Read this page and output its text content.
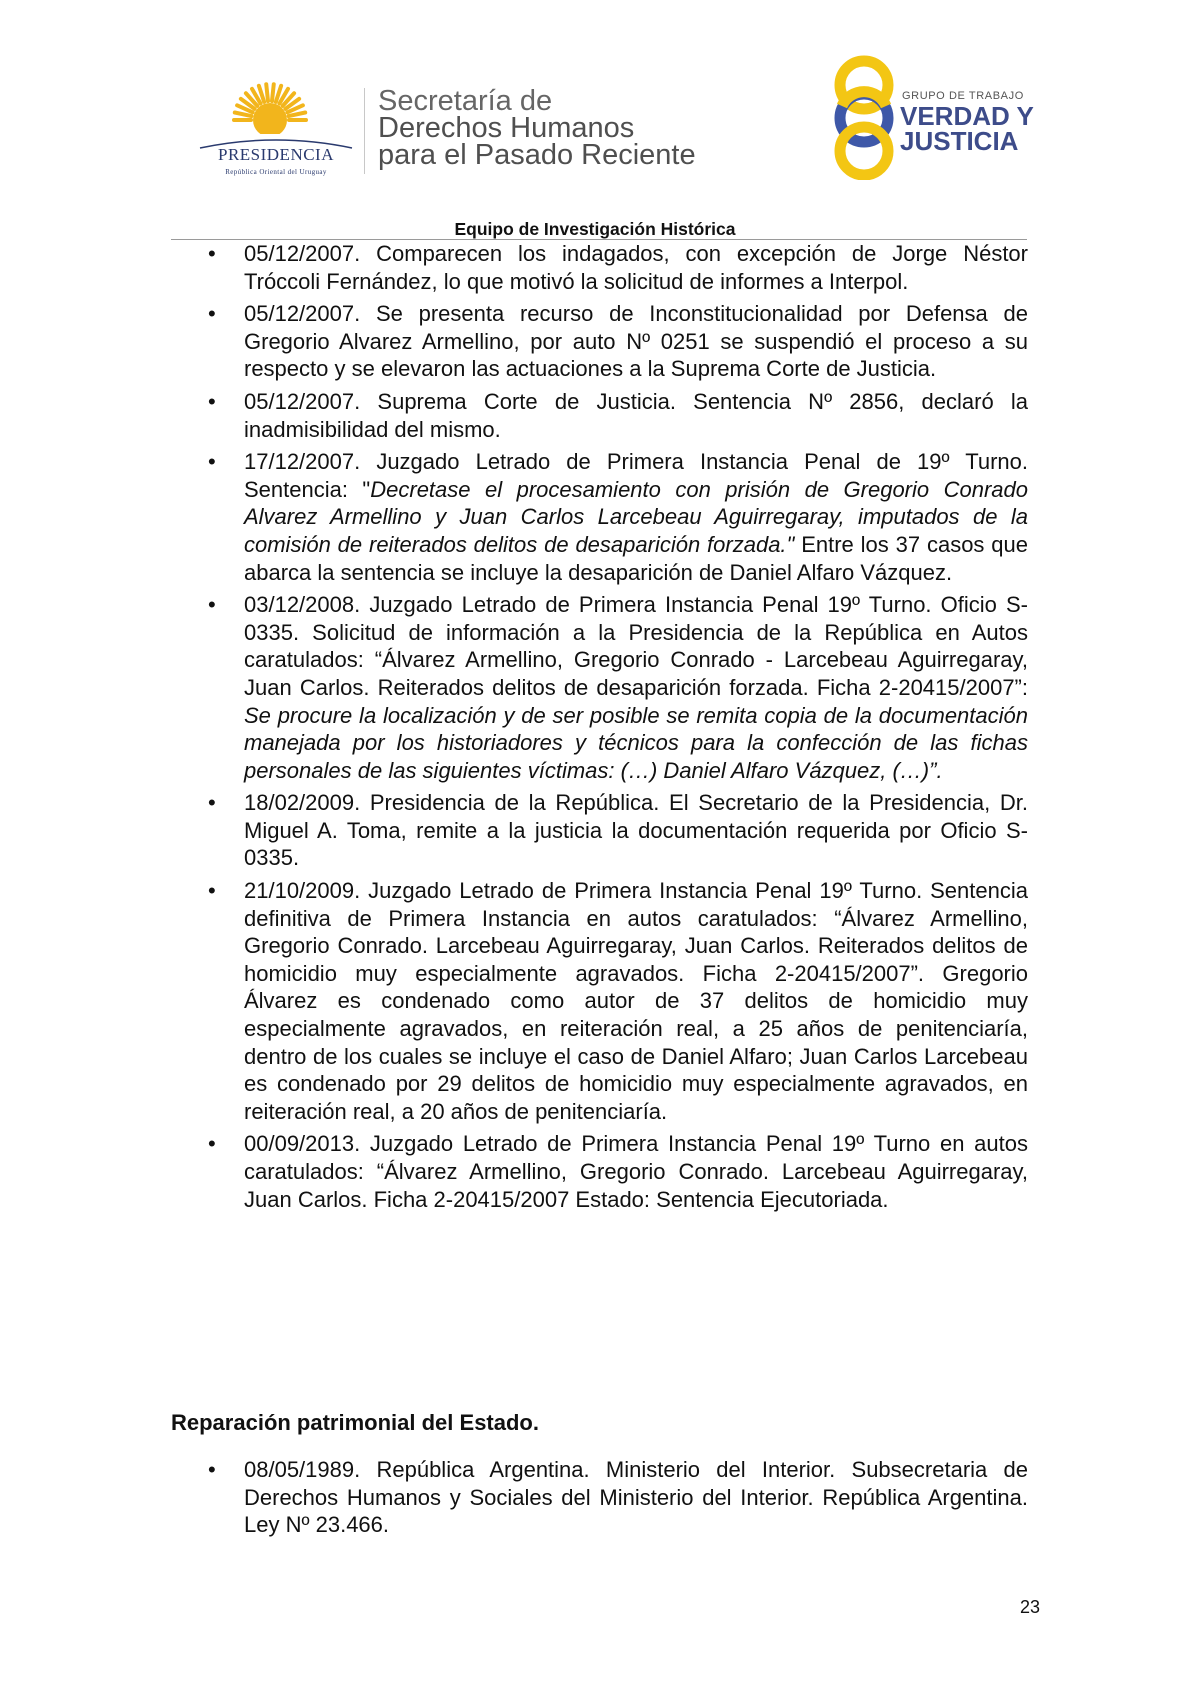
PRESIDENCIA
República Oriental del Uruguay
Secretaría de
Derechos Humanos
para el Pasado Reciente
GRUPO DE TRABAJO
VERDAD Y
JUSTICIA
Equipo de Investigación Histórica
• 05/12/2007. Comparecen los indagados, con excepción de Jorge Néstor Tróccoli Fernández, lo que motivó la solicitud de informes a Interpol.
• 05/12/2007. Se presenta recurso de Inconstitucionalidad por Defensa de Gregorio Alvarez Armellino, por auto Nº 0251 se suspendió el proceso a su respecto y se elevaron las actuaciones a la Suprema Corte de Justicia.
• 05/12/2007. Suprema Corte de Justicia. Sentencia Nº 2856, declaró la inadmisibilidad del mismo.
• 17/12/2007. Juzgado Letrado de Primera Instancia Penal de 19º Turno. Sentencia: "Decretase el procesamiento con prisión de Gregorio Conrado Alvarez Armellino y Juan Carlos Larcebeau Aguirregaray, imputados de la comisión de reiterados delitos de desaparición forzada." Entre los 37 casos que abarca la sentencia se incluye la desaparición de Daniel Alfaro Vázquez.
• 03/12/2008. Juzgado Letrado de Primera Instancia Penal 19º Turno. Oficio S-0335. Solicitud de información a la Presidencia de la República en Autos caratulados: “Álvarez Armellino, Gregorio Conrado - Larcebeau Aguirregaray, Juan Carlos. Reiterados delitos de desaparición forzada. Ficha 2-20415/2007”: Se procure la localización y de ser posible se remita copia de la documentación manejada por los historiadores y técnicos para la confección de las fichas personales de las siguientes víctimas: (…) Daniel Alfaro Vázquez, (…)”.
• 18/02/2009. Presidencia de la República. El Secretario de la Presidencia, Dr. Miguel A. Toma, remite a la justicia la documentación requerida por Oficio S-0335.
• 21/10/2009. Juzgado Letrado de Primera Instancia Penal 19º Turno. Sentencia definitiva de Primera Instancia en autos caratulados: “Álvarez Armellino, Gregorio Conrado. Larcebeau Aguirregaray, Juan Carlos. Reiterados delitos de homicidio muy especialmente agravados. Ficha 2-20415/2007”. Gregorio Álvarez es condenado como autor de 37 delitos de homicidio muy especialmente agravados, en reiteración real, a 25 años de penitenciaría, dentro de los cuales se incluye el caso de Daniel Alfaro; Juan Carlos Larcebeau es condenado por 29 delitos de homicidio muy especialmente agravados, en reiteración real, a 20 años de penitenciaría.
• 00/09/2013. Juzgado Letrado de Primera Instancia Penal 19º Turno en autos caratulados: “Álvarez Armellino, Gregorio Conrado. Larcebeau Aguirregaray, Juan Carlos. Ficha 2-20415/2007 Estado: Sentencia Ejecutoriada.
Reparación patrimonial del Estado.
• 08/05/1989. República Argentina. Ministerio del Interior. Subsecretaria de Derechos Humanos y Sociales del Ministerio del Interior. República Argentina. Ley Nº 23.466.
23
